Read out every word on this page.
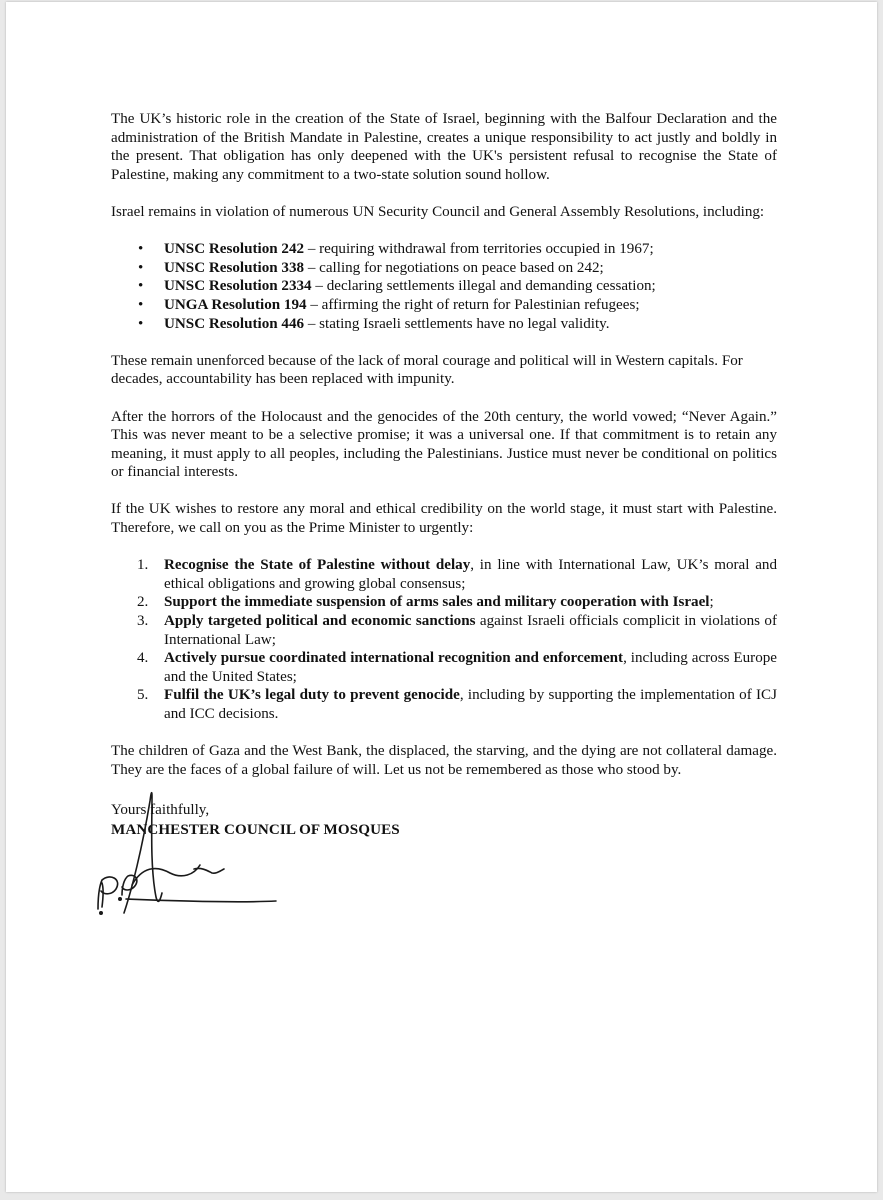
The UK’s historic role in the creation of the State of Israel, beginning with the Balfour Declaration and the administration of the British Mandate in Palestine, creates a unique responsibility to act justly and boldly in the present. That obligation has only deepened with the UK's persistent refusal to recognise the State of Palestine, making any commitment to a two-state solution sound hollow.

Israel remains in violation of numerous UN Security Council and General Assembly Resolutions, including:

• UNSC Resolution 242 – requiring withdrawal from territories occupied in 1967;
• UNSC Resolution 338 – calling for negotiations on peace based on 242;
• UNSC Resolution 2334 – declaring settlements illegal and demanding cessation;
• UNGA Resolution 194 – affirming the right of return for Palestinian refugees;
• UNSC Resolution 446 – stating Israeli settlements have no legal validity.

These remain unenforced because of the lack of moral courage and political will in Western capitals. For decades, accountability has been replaced with impunity.

After the horrors of the Holocaust and the genocides of the 20th century, the world vowed; “Never Again.” This was never meant to be a selective promise; it was a universal one. If that commitment is to retain any meaning, it must apply to all peoples, including the Palestinians. Justice must never be conditional on politics or financial interests.

If the UK wishes to restore any moral and ethical credibility on the world stage, it must start with Palestine. Therefore, we call on you as the Prime Minister to urgently:

1. Recognise the State of Palestine without delay, in line with International Law, UK’s moral and ethical obligations and growing global consensus;
2. Support the immediate suspension of arms sales and military cooperation with Israel;
3. Apply targeted political and economic sanctions against Israeli officials complicit in violations of International Law;
4. Actively pursue coordinated international recognition and enforcement, including across Europe and the United States;
5. Fulfil the UK’s legal duty to prevent genocide, including by supporting the implementation of ICJ and ICC decisions.

The children of Gaza and the West Bank, the displaced, the starving, and the dying are not collateral damage. They are the faces of a global failure of will. Let us not be remembered as those who stood by.

Yours faithfully,
MANCHESTER COUNCIL OF MOSQUES
